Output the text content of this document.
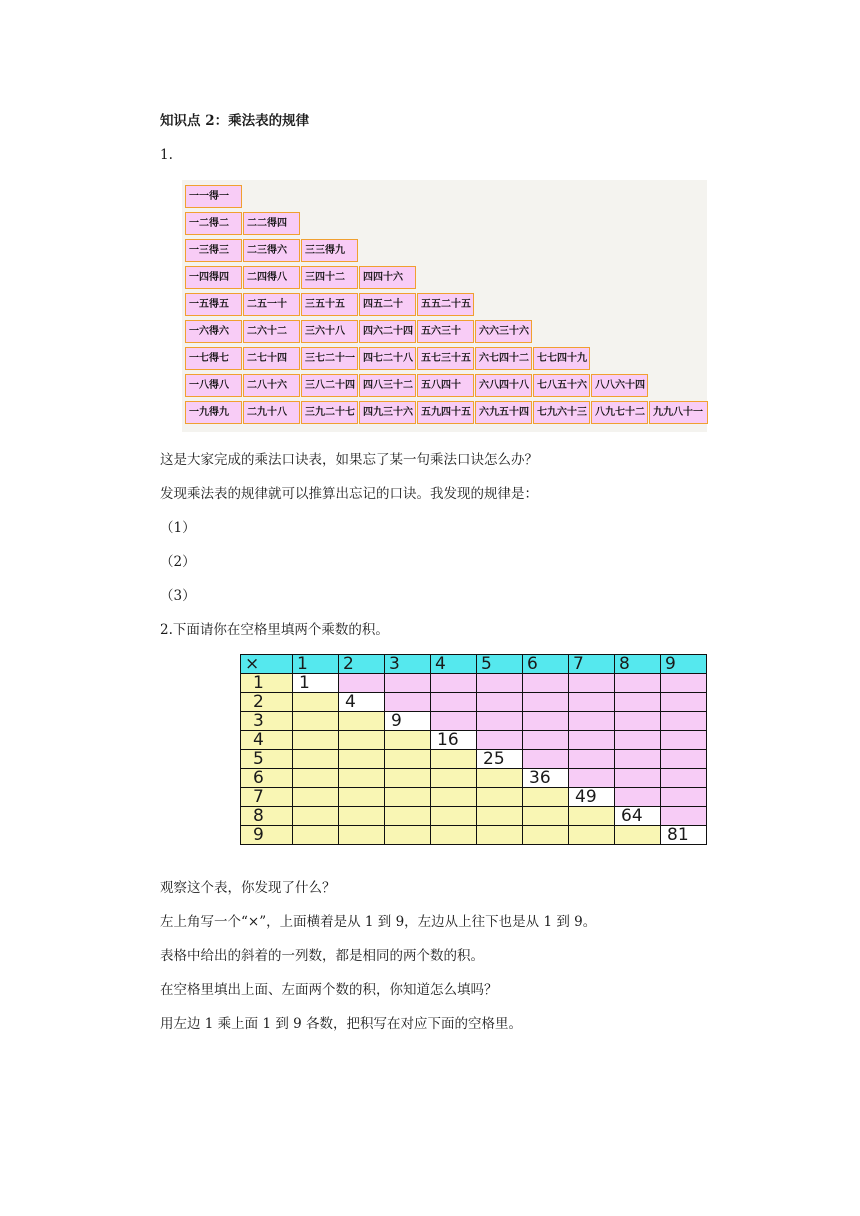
知识点 2：乘法表的规律
1.
一一得一
一二得二	二二得四
一三得三	二三得六	三三得九
一四得四	二四得八	三四十二	四四十六
一五得五	二五一十	三五十五	四五二十	五五二十五
一六得六	二六十二	三六十八	四六二十四 五六三十	六六三十六
一七得七	二七十四	三七二十一 四七二十八 五七三十五 六七四十二 七七四十九
一八得八	二八十六	三八二十四 四八三十二 五八四十	六八四十八 七八五十六 八八六十四
一九得九	二九十八	三九二十七 四九三十六 五九四十五 六九五十四 七九六十三 八九七十二 九九八十一
这是大家完成的乘法口诀表，如果忘了某一句乘法口诀怎么办？
发现乘法表的规律就可以推算出忘记的口诀。我发现的规律是：
（1）
（2）
（3）
2.下面请你在空格里填两个乘数的积。
×	1	2	3	4	5	6	7	8	9
1	1								
2		4							
3			9						
4				16					
5					25				
6						36			
7							49		
8								64	
9									81
观察这个表，你发现了什么？
左上角写一个“×”，上面横着是从 1 到 9，左边从上往下也是从 1 到 9。
表格中给出的斜着的一列数，都是相同的两个数的积。
在空格里填出上面、左面两个数的积，你知道怎么填吗？
用左边 1 乘上面 1 到 9 各数，把积写在对应下面的空格里。
